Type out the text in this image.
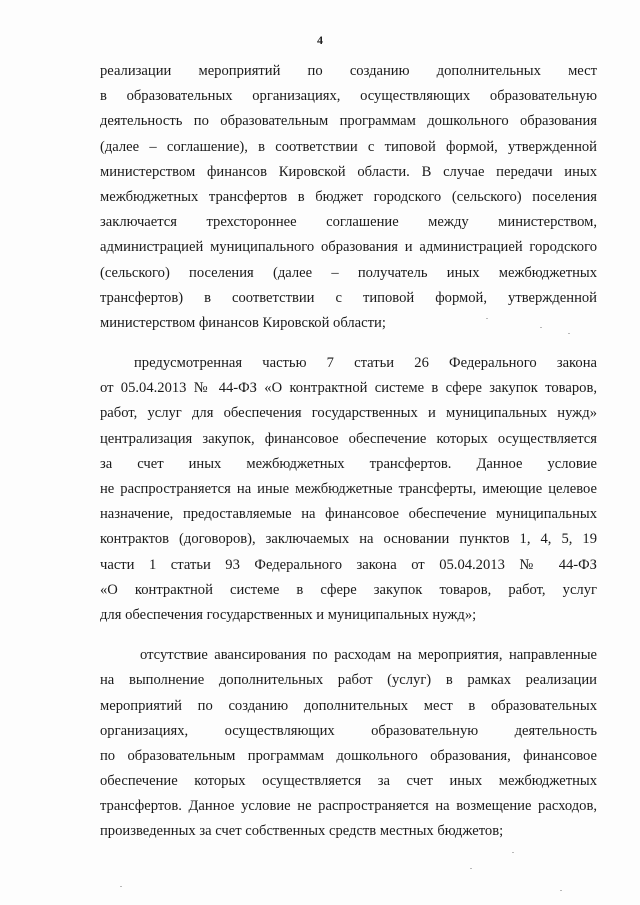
4
реализации мероприятий по созданию дополнительных мест
в образовательных организациях, осуществляющих образовательную
деятельность по образовательным программам дошкольного образования
(далее – соглашение), в соответствии с типовой формой, утвержденной
министерством финансов Кировской области. В случае передачи иных
межбюджетных трансфертов в бюджет городского (сельского) поселения
заключается трехстороннее соглашение между министерством,
администрацией муниципального образования и администрацией городского
(сельского) поселения (далее – получатель иных межбюджетных
трансфертов) в соответствии с типовой формой, утвержденной
министерством финансов Кировской области;
предусмотренная частью 7 статьи 26 Федерального закона
от 05.04.2013 № 44-ФЗ «О контрактной системе в сфере закупок товаров,
работ, услуг для обеспечения государственных и муниципальных нужд»
централизация закупок, финансовое обеспечение которых осуществляется
за счет иных межбюджетных трансфертов. Данное условие
не распространяется на иные межбюджетные трансферты, имеющие целевое
назначение, предоставляемые на финансовое обеспечение муниципальных
контрактов (договоров), заключаемых на основании пунктов 1, 4, 5, 19
части 1 статьи 93 Федерального закона от 05.04.2013 № 44-ФЗ
«О контрактной системе в сфере закупок товаров, работ, услуг
для обеспечения государственных и муниципальных нужд»;
отсутствие авансирования по расходам на мероприятия, направленные
на выполнение дополнительных работ (услуг) в рамках реализации
мероприятий по созданию дополнительных мест в образовательных
организациях, осуществляющих образовательную деятельность
по образовательным программам дошкольного образования, финансовое
обеспечение которых осуществляется за счет иных межбюджетных
трансфертов. Данное условие не распространяется на возмещение расходов,
произведенных за счет собственных средств местных бюджетов;
